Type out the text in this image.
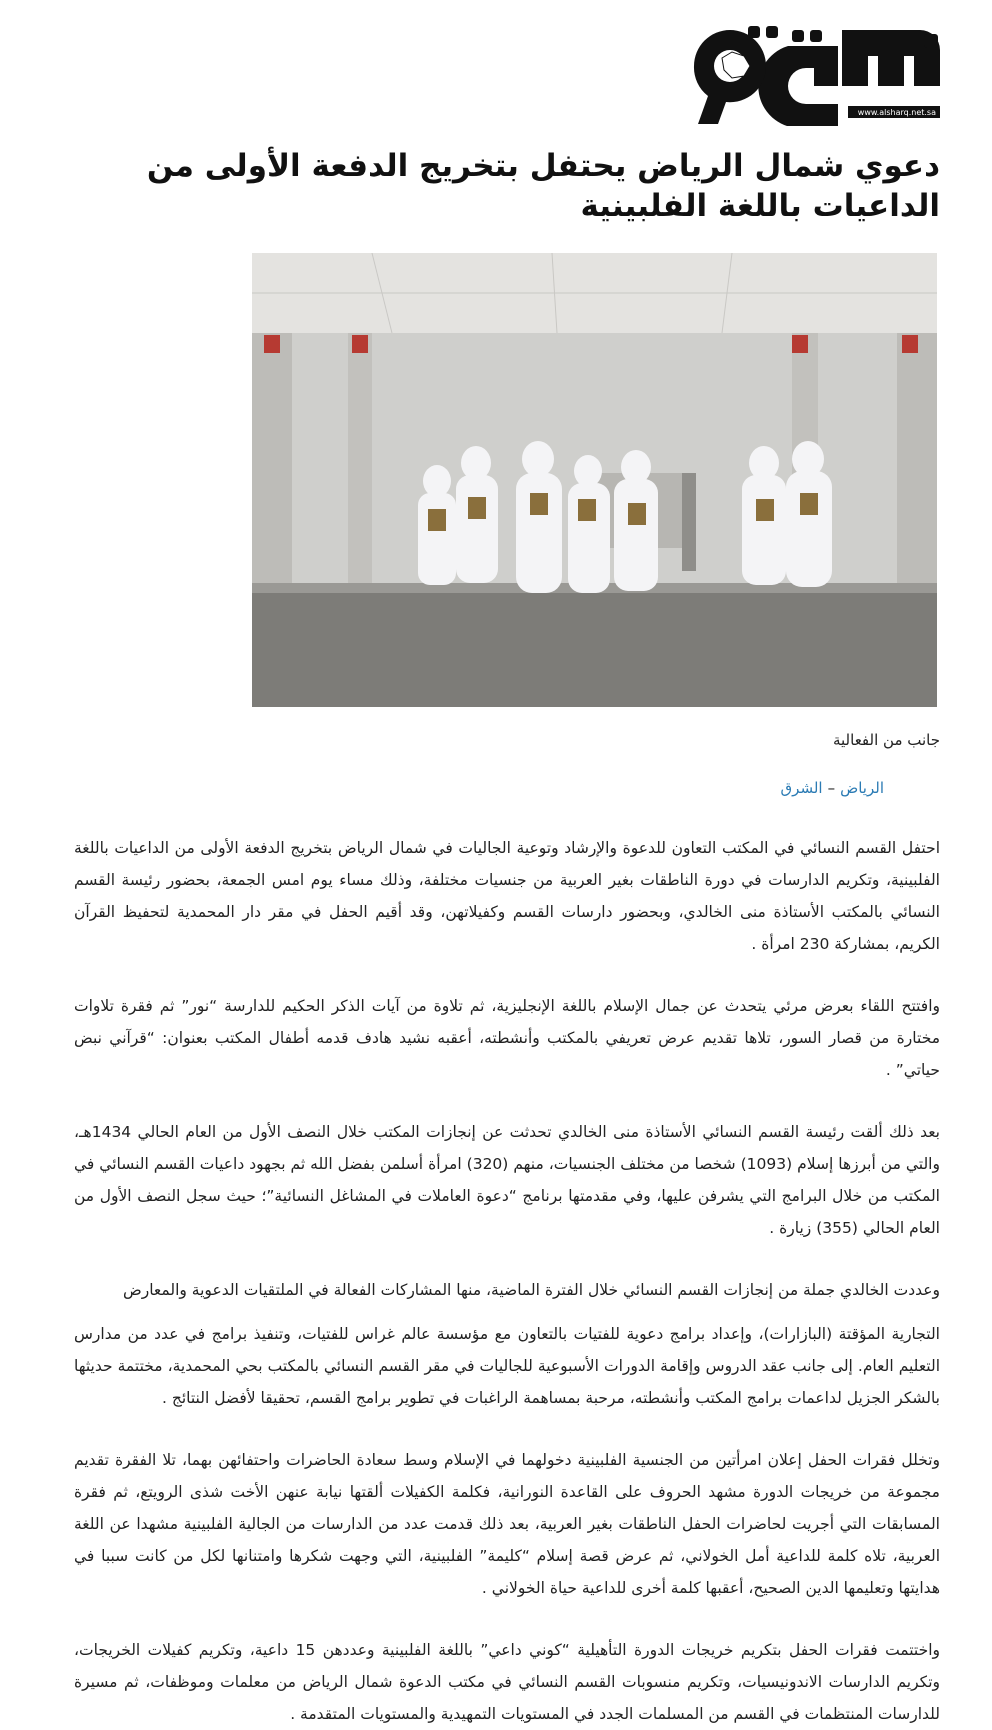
www.alsharq.net.sa
دعوي شمال الرياض يحتفل بتخريج الدفعة الأولى من الداعيات باللغة الفلبينية
جانب من الفعالية
الرياض–الشرق

احتفل القسم النسائي في المكتب التعاون للدعوة والإرشاد وتوعية الجاليات في شمال الرياض بتخريج الدفعة الأولى من الداعيات باللغة الفلبينية، وتكريم الدارسات في دورة الناطقات بغير العربية من جنسيات مختلفة، وذلك مساء يوم امس الجمعة، بحضور رئيسة القسم النسائي بالمكتب الأستاذة منى الخالدي، وبحضور دارسات القسم وكفيلاتهن، وقد أقيم الحفل في مقر دار المحمدية لتحفيظ القرآن الكريم، بمشاركة 230 امرأة .

وافتتح اللقاء بعرض مرئي يتحدث عن جمال الإسلام باللغة الإنجليزية، ثم تلاوة من آيات الذكر الحكيم للدارسة “نور” ثم فقرة تلاوات مختارة من قصار السور، تلاها تقديم عرض تعريفي بالمكتب وأنشطته، أعقبه نشيد هادف قدمه أطفال المكتب بعنوان: “قرآني نبض حياتي” .

بعد ذلك ألقت رئيسة القسم النسائي الأستاذة منى الخالدي تحدثت عن إنجازات المكتب خلال النصف الأول من العام الحالي 1434هـ، والتي من أبرزها إسلام (1093) شخصا من مختلف الجنسيات، منهم (320) امرأة أسلمن بفضل الله ثم بجهود داعيات القسم النسائي في المكتب من خلال البرامج التي يشرفن عليها، وفي مقدمتها برنامج “دعوة العاملات في المشاغل النسائية”؛ حيث سجل النصف الأول من العام الحالي (355) زيارة .

وعددت الخالدي جملة من إنجازات القسم النسائي خلال الفترة الماضية، منها المشاركات الفعالة في الملتقيات الدعوية والمعارض

التجارية المؤقتة (البازارات)، وإعداد برامج دعوية للفتيات بالتعاون مع مؤسسة عالم غراس للفتيات، وتنفيذ برامج في عدد من مدارس التعليم العام. إلى جانب عقد الدروس وإقامة الدورات الأسبوعية للجاليات في مقر القسم النسائي بالمكتب بحي المحمدية، مختتمة حديثها بالشكر الجزيل لداعمات برامج المكتب وأنشطته، مرحبة بمساهمة الراغبات في تطوير برامج القسم، تحقيقا لأفضل النتائج .

وتخلل فقرات الحفل إعلان امرأتين من الجنسية الفلبينية دخولهما في الإسلام وسط سعادة الحاضرات واحتفائهن بهما، تلا الفقرة تقديم مجموعة من خريجات الدورة مشهد الحروف على القاعدة النورانية، فكلمة الكفيلات ألقتها نيابة عنهن الأخت شذى الرويتع، ثم فقرة المسابقات التي أجريت لحاضرات الحفل الناطقات بغير العربية، بعد ذلك قدمت عدد من الدارسات من الجالية الفلبينية مشهدا عن اللغة العربية، تلاه كلمة للداعية أمل الخولاني، ثم عرض قصة إسلام “كليمة” الفلبينية، التي وجهت شكرها وامتنانها لكل من كانت سببا في هدايتها وتعليمها الدين الصحيح، أعقبها كلمة أخرى للداعية حياة الخولاني .

واختتمت فقرات الحفل بتكريم خريجات الدورة التأهيلية “كوني داعي” باللغة الفلبينية وعددهن 15 داعية، وتكريم كفيلات الخريجات، وتكريم الدارسات الاندونيسيات، وتكريم منسوبات القسم النسائي في مكتب الدعوة شمال الرياض من معلمات وموظفات، ثم مسيرة للدارسات المنتظمات في القسم من المسلمات الجدد في المستويات التمهيدية والمستويات المتقدمة .
